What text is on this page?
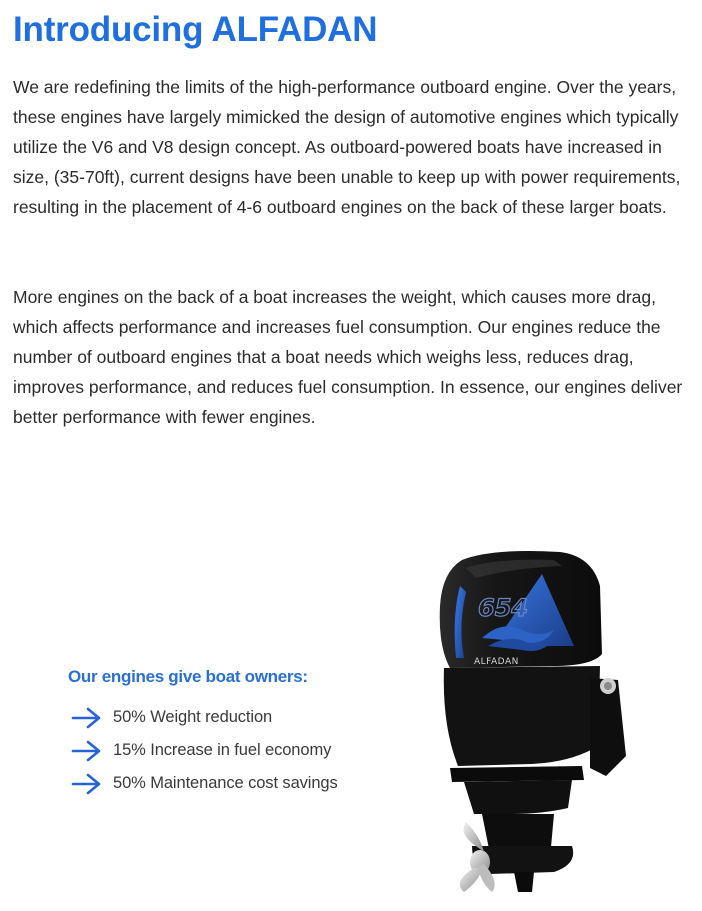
Introducing ALFADAN

We are redefining the limits of the high-performance outboard engine. Over the years, these engines have largely mimicked the design of automotive engines which typically utilize the V6 and V8 design concept. As outboard-powered boats have increased in size, (35-70ft), current designs have been unable to keep up with power requirements, resulting in the placement of 4-6 outboard engines on the back of these larger boats.

More engines on the back of a boat increases the weight, which causes more drag, which affects performance and increases fuel consumption. Our engines reduce the number of outboard engines that a boat needs which weighs less, reduces drag, improves performance, and reduces fuel consumption. In essence, our engines deliver better performance with fewer engines.

Our engines give boat owners:
50% Weight reduction
15% Increase in fuel economy
50% Maintenance cost savings
654
ALFADAN
